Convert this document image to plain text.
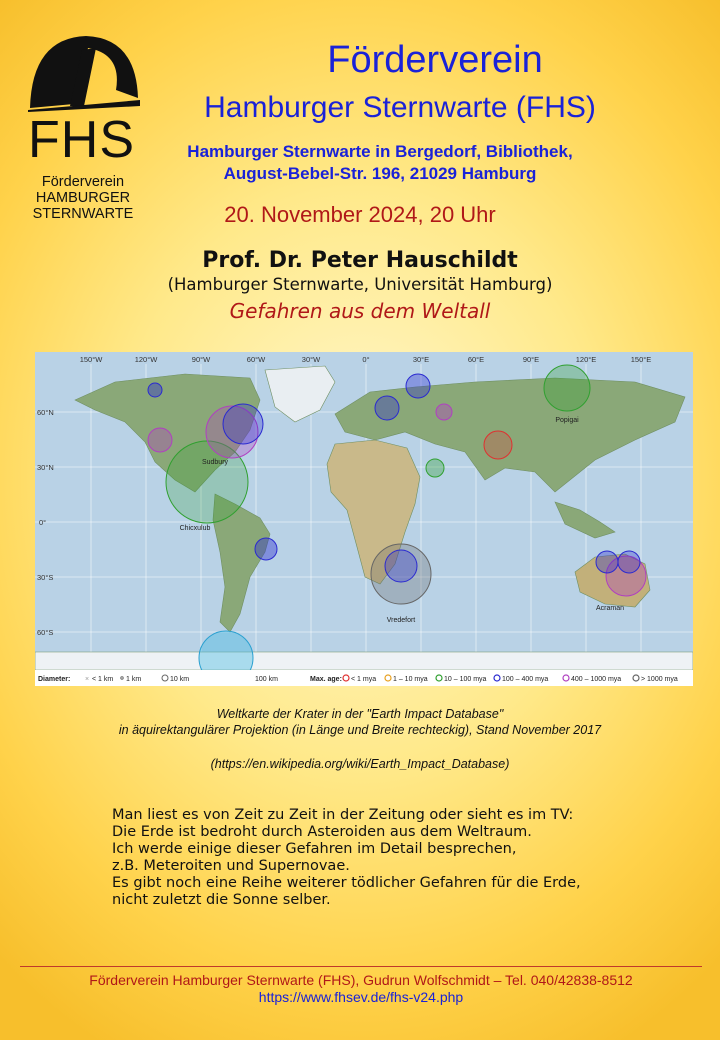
FHS
Förderverein
HAMBURGER
STERNWARTE
Förderverein
Hamburger Sternwarte (FHS)
Hamburger Sternwarte in Bergedorf, Bibliothek,
August-Bebel-Str. 196, 21029 Hamburg
20. November 2024, 20 Uhr
Prof. Dr. Peter Hauschildt
(Hamburger Sternwarte, Universität Hamburg)
Gefahren aus dem Weltall
150°W	120°W	90°W	60°W	30°W	0°	30°E	60°E	90°E	120°E	150°E
60°N
30°N
0°
30°S
60°S
Popigai
Sudbury
Chicxulub
Vredefort
Acraman
Diameter: × < 1 km 1 km	10 km	100 km	Max. age: < 1 mya 1 – 10 mya 10 – 100 mya 100 – 400 mya	400 – 1000 mya	> 1000 mya
Weltkarte der Krater in der "Earth Impact Database"
in äquirektangulärer Projektion (in Länge und Breite rechteckig), Stand November 2017
(https://en.wikipedia.org/wiki/Earth_Impact_Database)
Man liest es von Zeit zu Zeit in der Zeitung oder sieht es im TV:
Die Erde ist bedroht durch Asteroiden aus dem Weltraum.
Ich werde einige dieser Gefahren im Detail besprechen,
z.B. Meteroiten und Supernovae.
Es gibt noch eine Reihe weiterer tödlicher Gefahren für die Erde,
nicht zuletzt die Sonne selber.
Förderverein Hamburger Sternwarte (FHS), Gudrun Wolfschmidt – Tel. 040/42838-8512
https://www.fhsev.de/fhs-v24.php
